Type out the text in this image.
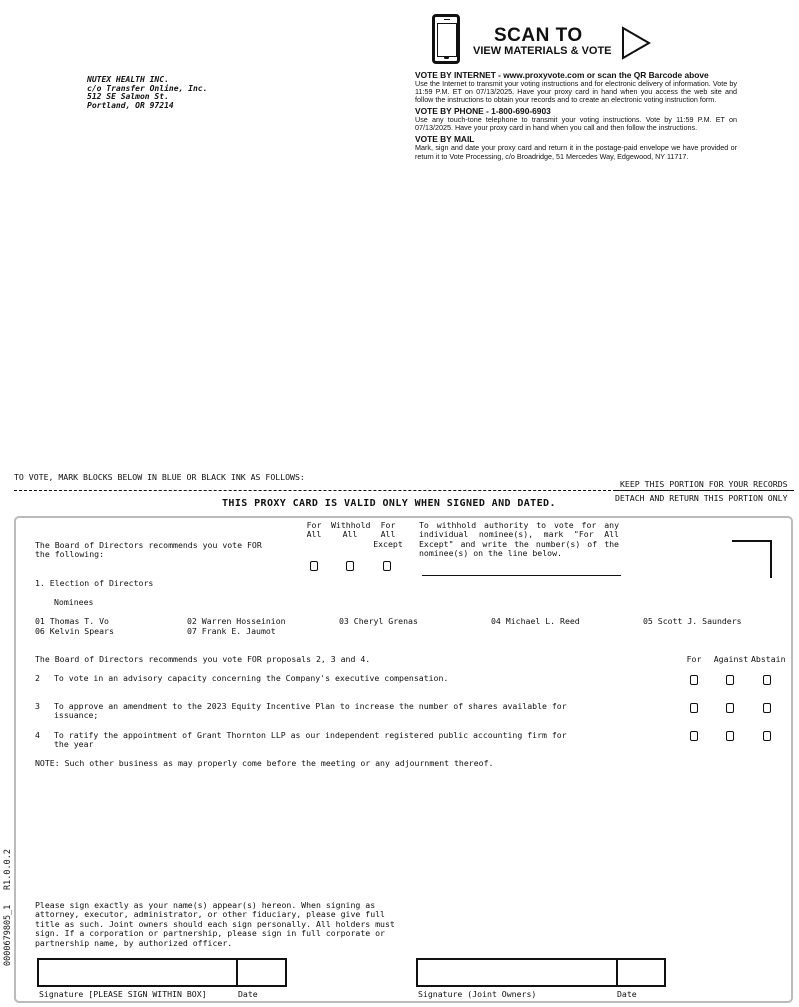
NUTEX HEALTH INC.
c/o Transfer Online, Inc.
512 SE Salmon St.
Portland, OR 97214
SCAN TO
VIEW MATERIALS & VOTE
VOTE BY INTERNET - www.proxyvote.com or scan the QR Barcode above
Use the Internet to transmit your voting instructions and for electronic delivery of information. Vote by 11:59 P.M. ET on 07/13/2025. Have your proxy card in hand when you access the web site and follow the instructions to obtain your records and to create an electronic voting instruction form.
VOTE BY PHONE - 1-800-690-6903
Use any touch-tone telephone to transmit your voting instructions. Vote by 11:59 P.M. ET on 07/13/2025. Have your proxy card in hand when you call and then follow the instructions.
VOTE BY MAIL
Mark, sign and date your proxy card and return it in the postage-paid envelope we have provided or return it to Vote Processing, c/o Broadridge, 51 Mercedes Way, Edgewood, NY 11717.
TO VOTE, MARK BLOCKS BELOW IN BLUE OR BLACK INK AS FOLLOWS:
KEEP THIS PORTION FOR YOUR RECORDS
DETACH AND RETURN THIS PORTION ONLY
THIS PROXY CARD IS VALID ONLY WHEN SIGNED AND DATED.
The Board of Directors recommends you vote FOR the following:
For All
Withhold All
For All Except
To withhold authority to vote for any individual nominee(s), mark "For All Except" and write the number(s) of the nominee(s) on the line below.
1. Election of Directors
Nominees
01 Thomas T. Vo	02 Warren Hosseinion	03 Cheryl Grenas	04 Michael L. Reed	05 Scott J. Saunders
06 Kelvin Spears	07 Frank E. Jaumot
The Board of Directors recommends you vote FOR proposals 2, 3 and 4.	For	Against Abstain
2 To vote in an advisory capacity concerning the Company's executive compensation.
3 To approve an amendment to the 2023 Equity Incentive Plan to increase the number of shares available for issuance;
4 To ratify the appointment of Grant Thornton LLP as our independent registered public accounting firm for the year
NOTE: Such other business as may properly come before the meeting or any adjournment thereof.
Please sign exactly as your name(s) appear(s) hereon. When signing as attorney, executor, administrator, or other fiduciary, please give full title as such. Joint owners should each sign personally. All holders must sign. If a corporation or partnership, please sign in full corporate or partnership name, by authorized officer.
Signature [PLEASE SIGN WITHIN BOX]	Date	Signature (Joint Owners)	Date
0000679805_1
R1.0.0.2
